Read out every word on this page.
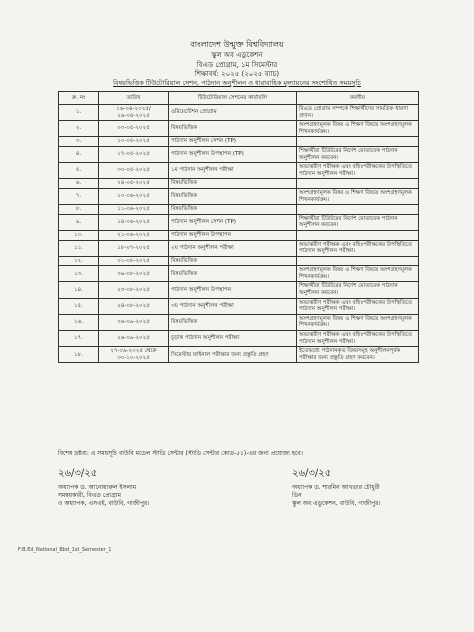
বাংলাদেশ উন্মুক্ত বিশ্ববিদ্যালয়
স্কুল অব এডুকেশন
বিএড প্রোগ্রাম, ১ম সিমেস্টার
শিক্ষাবর্ষ: ২০২৫ (২০২৫ ব্যাচ)
বিষয়ভিত্তিক টিউটোরিয়াল সেশন, পাঠদান অনুশীলন ও ধারাবাহিক মূল্যায়নের সংশোধিত সময়সূচি
ক্র. নং	তারিখ	টিউটোরিয়াল সেশনের কার্যাবলি	করণীয়
১.	১৬-০৪-২০২৫/ ২৬-০৪-২০২৫	ওরিয়েন্টেশন প্রোগ্রাম	বিএড প্রোগ্রাম সম্পর্কে শিক্ষার্থীদের সামগ্রিক ধারণা প্রদান।
২.	০৩-০৫-২০২৫	বিষয়ভিত্তিক	অংশগ্রহণমূলক বিষয় ও শিক্ষণ বিষয়ে অংশগ্রহণমূলক শিখনকার্যক্রম।
৩.	১০-০৫-২০২৫	পাঠদান অনুশীলন সেশন (TP)	
৪.	১৭-০৫-২০২৫	পাঠদান অনুশীলন উপস্থাপন (TP)	শিক্ষার্থীরা টিউটরের নির্দেশ মোতাবেক পাঠদান অনুশীলন করবেন।
৫.	৩০-০৫-২০২৫	১ম পাঠদান অনুশীলন পরীক্ষা	অভ্যন্তরীণ পরীক্ষক এবং বহিঃপরীক্ষকের উপস্থিতিতে পাঠদান অনুশীলন পরীক্ষা।
৬.	২৪-০৫-২০২৫	বিষয়ভিত্তিক	
৭.	১০-০৬-২০২৫	বিষয়ভিত্তিক	অংশগ্রহণমূলক বিষয় ও শিক্ষণ বিষয়ে অংশগ্রহণমূলক শিখনকার্যক্রম।
৮.	১১-০৬-২০২৫	বিষয়ভিত্তিক	
৯.	১৪-০৬-২০২৫	পাঠদান অনুশীলন সেশন (TP)	শিক্ষার্থীরা টিউটরের নির্দেশ মোতাবেক পাঠদান অনুশীলন করবেন।
১০.	২১-০৬-২০২৫	পাঠদান অনুশীলন উপস্থাপন	
১১.	১৮-০৭-২০২৫	২য় পাঠদান অনুশীলন পরীক্ষা	অভ্যন্তরীণ পরীক্ষক এবং বহিঃপরীক্ষকের উপস্থিতিতে পাঠদান অনুশীলন পরীক্ষা।
১২.	০১-০৮-২০২৫	বিষয়ভিত্তিক	
১৩.	০৯-০৮-২০২৫	বিষয়ভিত্তিক	অংশগ্রহণমূলক বিষয় ও শিক্ষণ বিষয়ে অংশগ্রহণমূলক শিখনকার্যক্রম।
১৪.	২৩-০৮-২০২৫	পাঠদান অনুশীলন উপস্থাপন	শিক্ষার্থীরা টিউটরের নির্দেশ মোতাবেক পাঠদান অনুশীলন করবেন।
১৫.	২৪-০৮-২০২৫	৩য় পাঠদান অনুশীলন পরীক্ষা	অভ্যন্তরীণ পরীক্ষক এবং বহিঃপরীক্ষকের উপস্থিতিতে পাঠদান অনুশীলন পরীক্ষা।
১৬.	০৬-০৯-২০২৫	বিষয়ভিত্তিক	অংশগ্রহণমূলক বিষয় ও শিক্ষণ বিষয়ে অংশগ্রহণমূলক শিখনকার্যক্রম।
১৭.	২৬-০৯-২০২৫	চূড়ান্ত পাঠদান অনুশীলন পরীক্ষা	অভ্যন্তরীণ পরীক্ষক এবং বহিঃপরীক্ষকের উপস্থিতিতে পাঠদান অনুশীলন পরীক্ষা।
১৮.	২৭-০৯-২০২৫ থেকে ৩০-১০-২০২৫	সিমেস্টার ফাইনাল পরীক্ষার জন্য প্রস্তুতি গ্রহণ	ইতোমধ্যে পাঠদানকৃত বিষয়সমূহ অনুশীলনপূর্বক পরীক্ষার জন্য প্রস্তুতি গ্রহণ করবেন।
বিশেষ দ্রষ্টব্য: এ সময়সূচি বাউবি মডেল স্টাডি সেন্টার (স্টাডি সেন্টার কোড-৫১)-এর জন্য প্রযোজ্য হবে।
২৬/৩/২৫
অধ্যাপক ড. আনোয়ারুল ইসলাম
সমন্বয়কারী, বিএড প্রোগ্রাম
ও অধ্যাপক, এসএই, বাউবি, গাজীপুর।
২৬/৩/২৫
অধ্যাপক ড. শারমিন আখতার চৌধুরী
ডিন
স্কুল অব এডুকেশন, বাউবি, গাজীপুর।
F:B.Ed_National_Bbd_1st_Semester_1
